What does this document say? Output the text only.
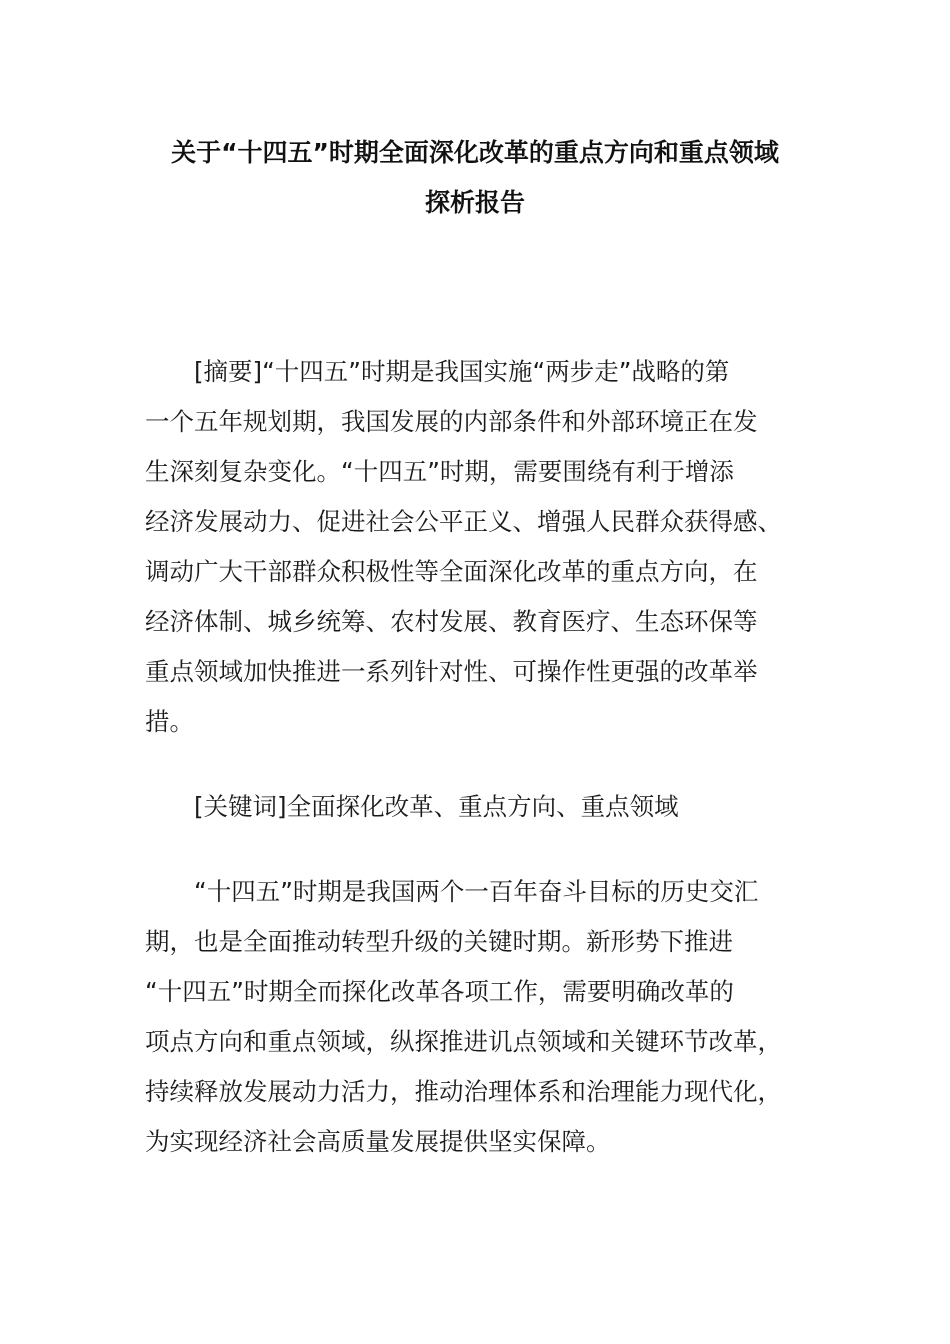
关于“十四五”时期全面深化改革的重点方向和重点领域
探析报告
[摘要]“十四五”时期是我国实施“两步走”战略的第
一个五年规划期，我国发展的内部条件和外部环境正在发
生深刻复杂变化。“十四五”时期，需要围绕有利于增添
经济发展动力、促进社会公平正义、增强人民群众获得感、
调动广大干部群众积极性等全面深化改革的重点方向，在
经济体制、城乡统筹、农村发展、教育医疗、生态环保等
重点领域加快推进一系列针对性、可操作性更强的改革举
措。
[关键词]全面探化改革、重点方向、重点领域
“十四五”时期是我国两个一百年奋斗目标的历史交汇
期，也是全面推动转型升级的关键时期。新形势下推进
“十四五”时期全而探化改革各项工作，需要明确改革的
项点方向和重点领域，纵探推进讥点领域和关键环节改革，
持续释放发展动力活力，推动治理体系和治理能力现代化，
为实现经济社会高质量发展提供坚实保障。
